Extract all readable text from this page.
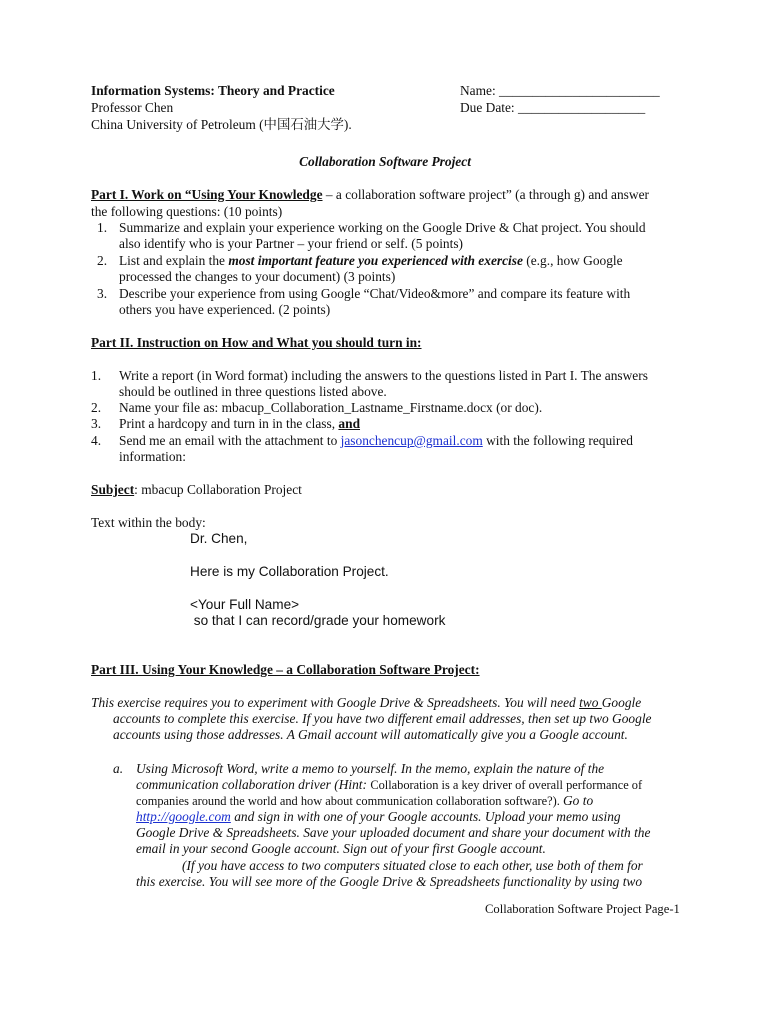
Information Systems: Theory and Practice
Professor Chen
China University of Petroleum (中国石油大学).
Name: ________________________
Due Date: ___________________
Collaboration Software Project
Part I. Work on “Using Your Knowledge – a collaboration software project” (a through g) and answer
the following questions: (10 points)
1. Summarize and explain your experience working on the Google Drive & Chat project. You should
also identify who is your Partner – your friend or self. (5 points)
2. List and explain the most important feature you experienced with exercise (e.g., how Google
processed the changes to your document) (3 points)
3. Describe your experience from using Google “Chat/Video&more” and compare its feature with
others you have experienced. (2 points)
Part II. Instruction on How and What you should turn in:
1. Write a report (in Word format) including the answers to the questions listed in Part I. The answers
should be outlined in three questions listed above.
2. Name your file as: mbacup_Collaboration_Lastname_Firstname.docx (or doc).
3. Print a hardcopy and turn in in the class, and
4. Send me an email with the attachment to jasonchencup@gmail.com with the following required
information:
Subject: mbacup Collaboration Project
Text within the body:
Dr. Chen,
Here is my Collaboration Project.
<Your Full Name>
so that I can record/grade your homework
Part III. Using Your Knowledge – a Collaboration Software Project:
This exercise requires you to experiment with Google Drive & Spreadsheets. You will need two Google
accounts to complete this exercise. If you have two different email addresses, then set up two Google
accounts using those addresses. A Gmail account will automatically give you a Google account.
a. Using Microsoft Word, write a memo to yourself. In the memo, explain the nature of the
communication collaboration driver (Hint: Collaboration is a key driver of overall performance of
companies around the world and how about communication collaboration software?). Go to
http://google.com and sign in with one of your Google accounts. Upload your memo using
Google Drive & Spreadsheets. Save your uploaded document and share your document with the
email in your second Google account. Sign out of your first Google account.
(If you have access to two computers situated close to each other, use both of them for
this exercise. You will see more of the Google Drive & Spreadsheets functionality by using two
Collaboration Software Project Page-1
